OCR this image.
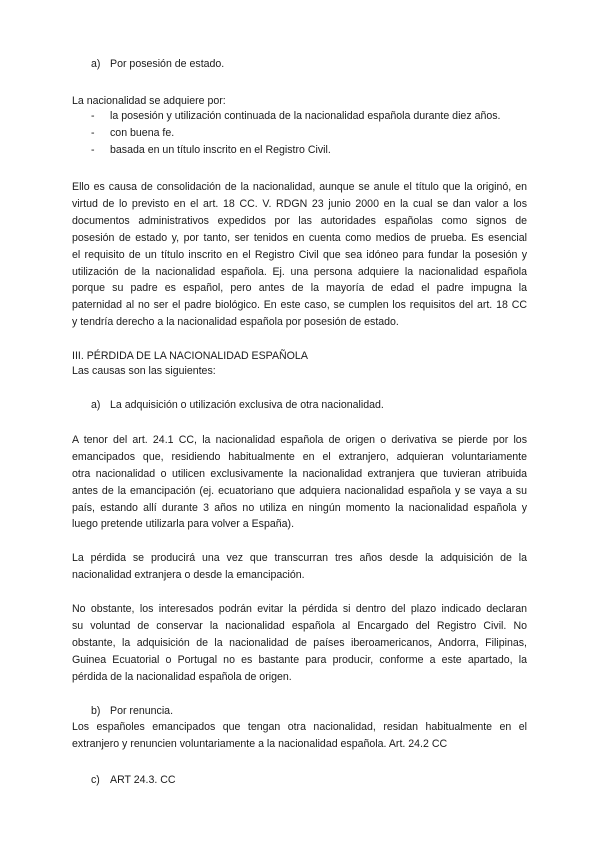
a) Por posesión de estado.
La nacionalidad se adquiere por:
- la posesión y utilización continuada de la nacionalidad española durante diez años.
- con buena fe.
- basada en un título inscrito en el Registro Civil.
Ello es causa de consolidación de la nacionalidad, aunque se anule el título que la originó, en
virtud de lo previsto en el art. 18 CC. V. RDGN 23 junio 2000 en la cual se dan valor a los
documentos administrativos expedidos por las autoridades españolas como signos de
posesión de estado y, por tanto, ser tenidos en cuenta como medios de prueba. Es esencial
el requisito de un título inscrito en el Registro Civil que sea idóneo para fundar la posesión y
utilización de la nacionalidad española. Ej. una persona adquiere la nacionalidad española
porque su padre es español, pero antes de la mayoría de edad el padre impugna la
paternidad al no ser el padre biológico. En este caso, se cumplen los requisitos del art. 18 CC
y tendría derecho a la nacionalidad española por posesión de estado.
III. PÉRDIDA DE LA NACIONALIDAD ESPAÑOLA
Las causas son las siguientes:
a) La adquisición o utilización exclusiva de otra nacionalidad.
A tenor del art. 24.1 CC, la nacionalidad española de origen o derivativa se pierde por los
emancipados que, residiendo habitualmente en el extranjero, adquieran voluntariamente
otra nacionalidad o utilicen exclusivamente la nacionalidad extranjera que tuvieran atribuida
antes de la emancipación (ej. ecuatoriano que adquiera nacionalidad española y se vaya a su
país, estando allí durante 3 años no utiliza en ningún momento la nacionalidad española y
luego pretende utilizarla para volver a España).
La pérdida se producirá una vez que transcurran tres años desde la adquisición de la
nacionalidad extranjera o desde la emancipación.
No obstante, los interesados podrán evitar la pérdida si dentro del plazo indicado declaran
su voluntad de conservar la nacionalidad española al Encargado del Registro Civil. No
obstante, la adquisición de la nacionalidad de países iberoamericanos, Andorra, Filipinas,
Guinea Ecuatorial o Portugal no es bastante para producir, conforme a este apartado, la
pérdida de la nacionalidad española de origen.
b) Por renuncia.
Los españoles emancipados que tengan otra nacionalidad, residan habitualmente en el
extranjero y renuncien voluntariamente a la nacionalidad española. Art. 24.2 CC
c) ART 24.3. CC
